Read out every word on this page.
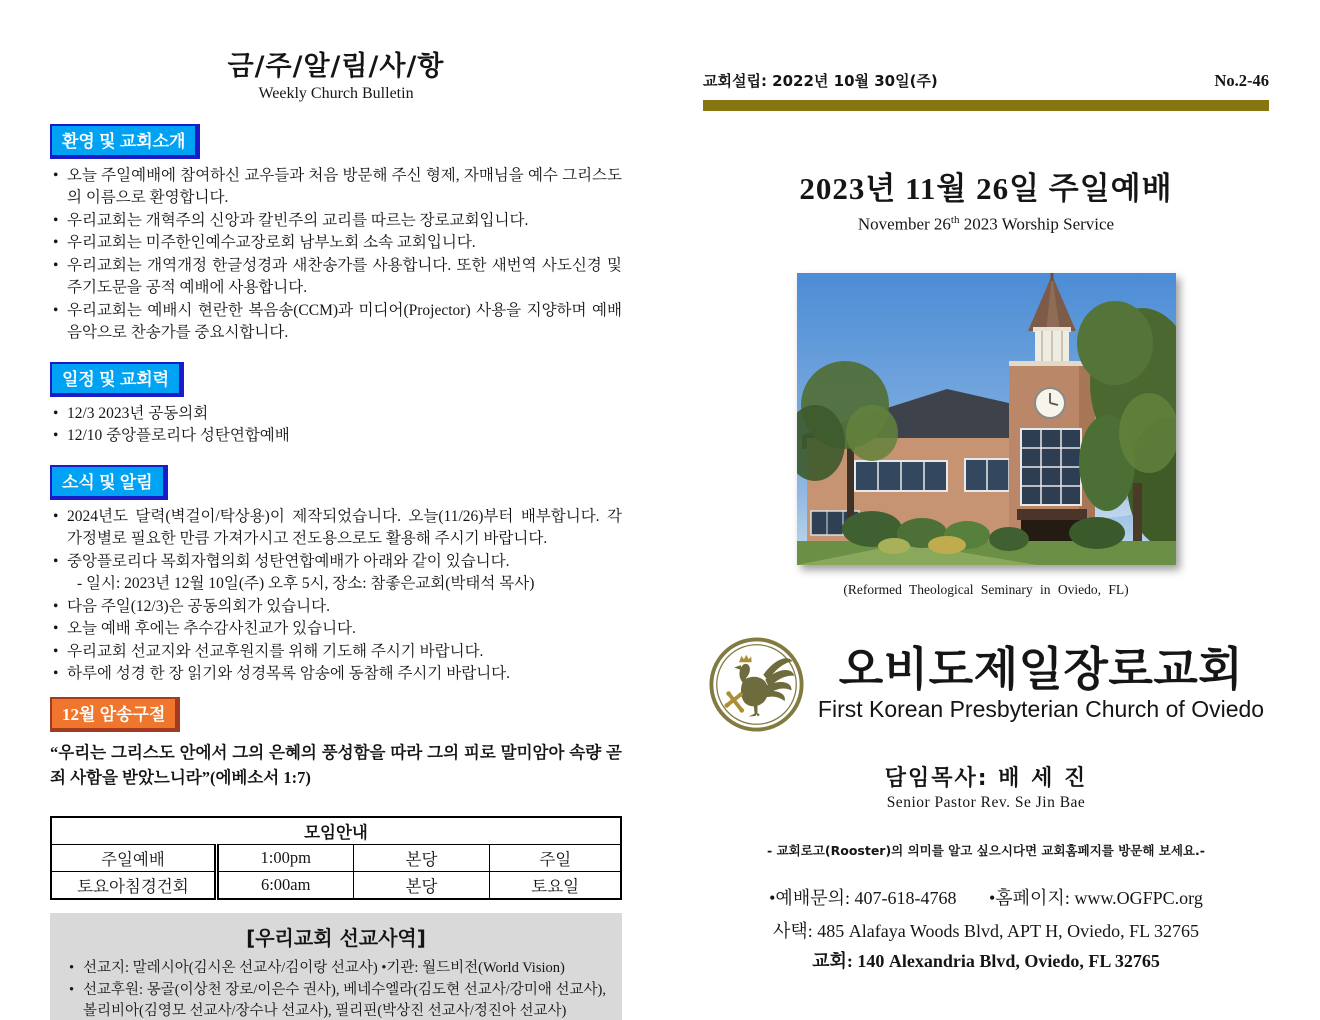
금/주/알/림/사/항
Weekly Church Bulletin
환영 및 교회소개
• 오늘 주일예배에 참여하신 교우들과 처음 방문해 주신 형제, 자매님을 예수 그리스도의 이름으로 환영합니다.
• 우리교회는 개혁주의 신앙과 칼빈주의 교리를 따르는 장로교회입니다.
• 우리교회는 미주한인예수교장로회 남부노회 소속 교회입니다.
• 우리교회는 개역개정 한글성경과 새찬송가를 사용합니다. 또한 새번역 사도신경 및 주기도문을 공적 예배에 사용합니다.
• 우리교회는 예배시 현란한 복음송(CCM)과 미디어(Projector) 사용을 지양하며 예배음악으로 찬송가를 중요시합니다.
일정 및 교회력
• 12/3 2023년 공동의회
• 12/10 중앙플로리다 성탄연합예배
소식 및 알림
• 2024년도 달력(벽걸이/탁상용)이 제작되었습니다. 오늘(11/26)부터 배부합니다. 각 가정별로 필요한 만큼 가져가시고 전도용으로도 활용해 주시기 바랍니다.
• 중앙플로리다 목회자협의회 성탄연합예배가 아래와 같이 있습니다.
- 일시: 2023년 12월 10일(주) 오후 5시, 장소: 참좋은교회(박태석 목사)
• 다음 주일(12/3)은 공동의회가 있습니다.
• 오늘 예배 후에는 추수감사친교가 있습니다.
• 우리교회 선교지와 선교후원지를 위해 기도해 주시기 바랍니다.
• 하루에 성경 한 장 읽기와 성경목록 암송에 동참해 주시기 바랍니다.
12월 암송구절
“우리는 그리스도 안에서 그의 은혜의 풍성함을 따라 그의 피로 말미암아 속량 곧 죄 사함을 받았느니라”(에베소서 1:7)
모임안내			
주일예배	1:00pm	본당	주일
토요아침경건회	6:00am	본당	토요일
[우리교회 선교사역]
• 선교지: 말레시아(김시온 선교사/김이랑 선교사) •기관: 월드비전(World Vision)
• 선교후원: 몽골(이상천 장로/이은수 권사), 베네수엘라(김도현 선교사/강미애 선교사), 볼리비아(김영모 선교사/장수나 선교사), 필리핀(박상진 선교사/정진아 선교사)
교회설립: 2022년 10월 30일(주)	No.2-46
2023년 11월 26일 주일예배
November 26th 2023 Worship Service
(Reformed Theological Seminary in Oviedo, FL)
오비도제일장로교회
First Korean Presbyterian Church of Oviedo
담임목사: 배 세 진
Senior Pastor Rev. Se Jin Bae
- 교회로고(Rooster)의 의미를 알고 싶으시다면 교회홈페지를 방문해 보세요.-
•예배문의: 407-618-4768 •홈페이지: www.OGFPC.org
사택: 485 Alafaya Woods Blvd, APT H, Oviedo, FL 32765
교회: 140 Alexandria Blvd, Oviedo, FL 32765
